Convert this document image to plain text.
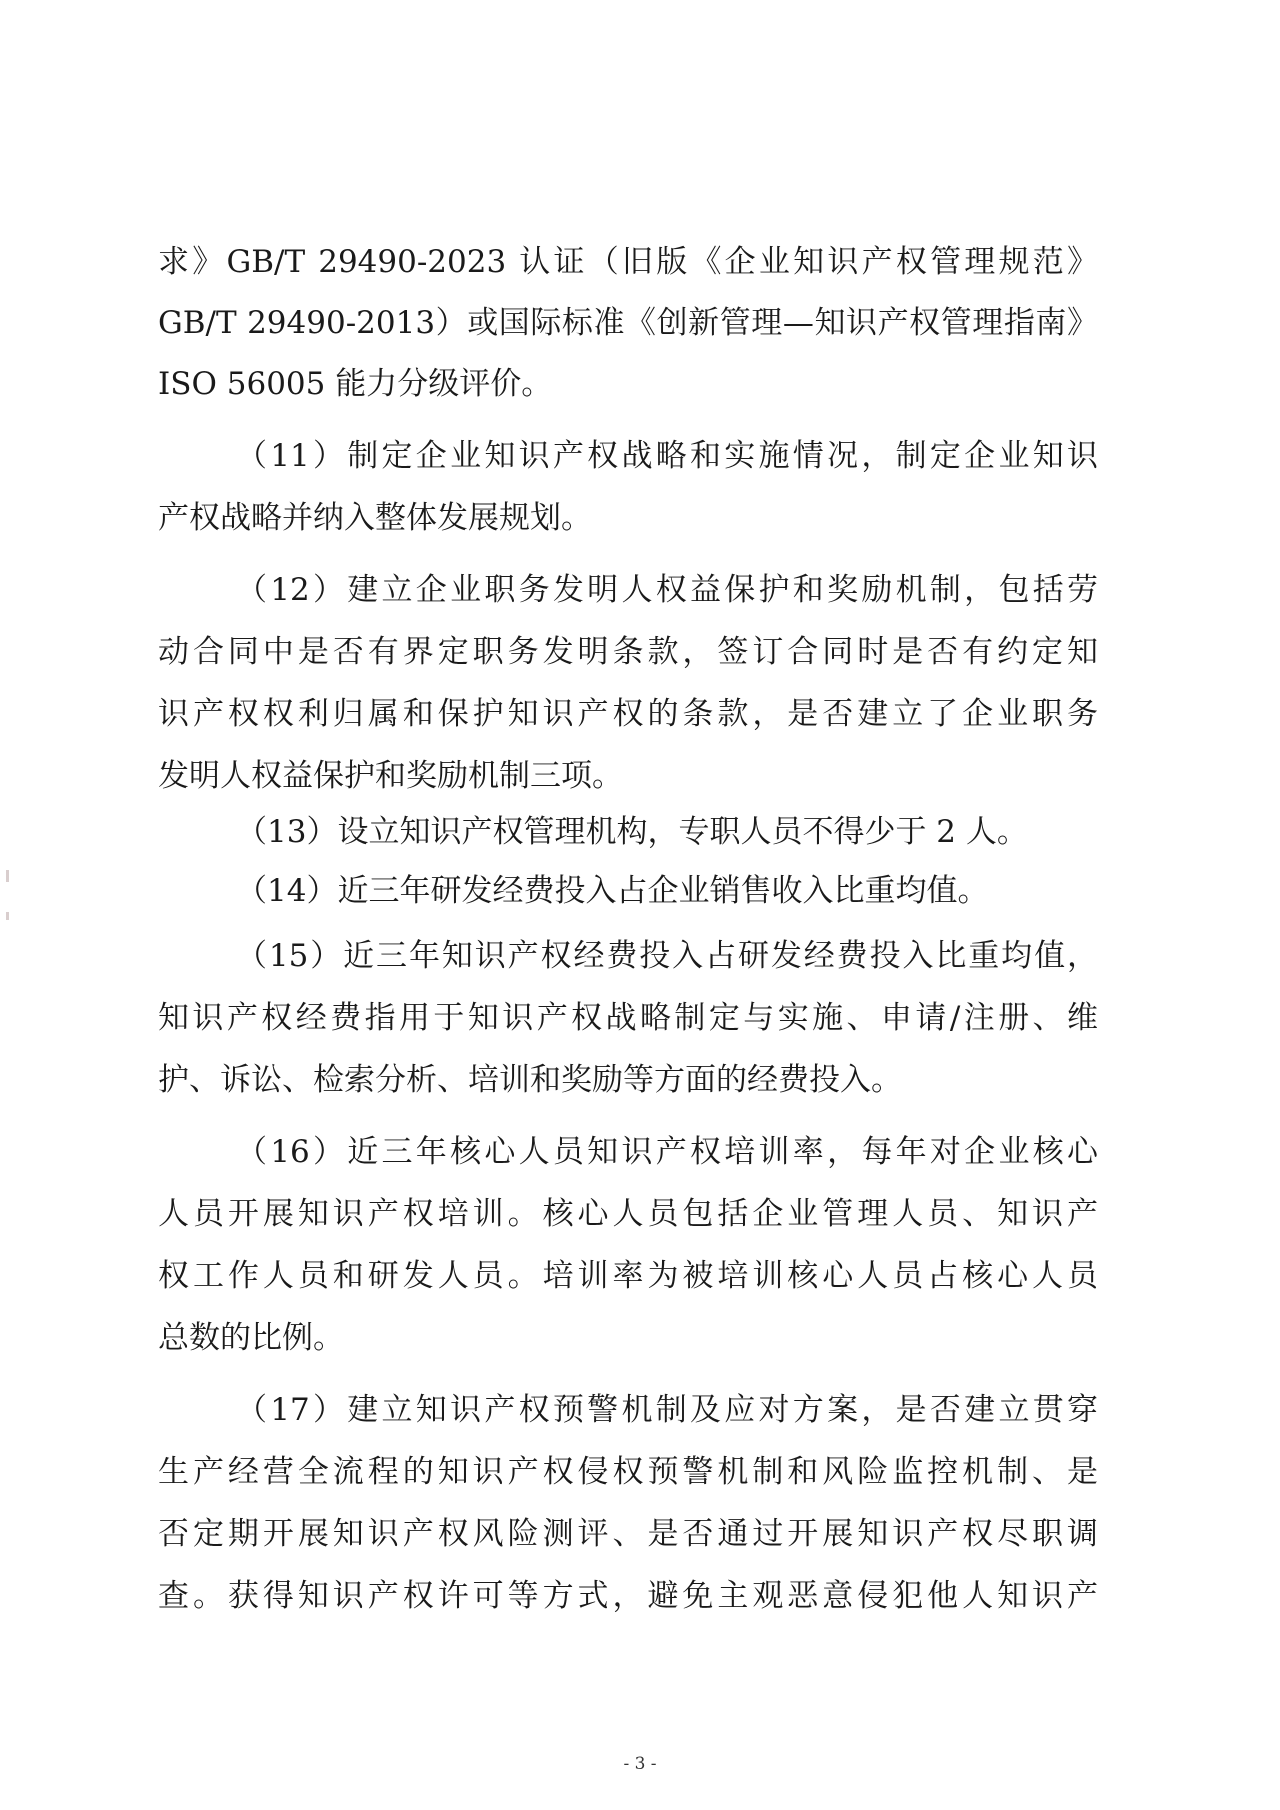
求》GB/T 29490-2023 认证（旧版《企业知识产权管理规范》
GB/T 29490-2013）或国际标准《创新管理—知识产权管理指南》
ISO 56005 能力分级评价。
（11）制定企业知识产权战略和实施情况，制定企业知识
产权战略并纳入整体发展规划。
（12）建立企业职务发明人权益保护和奖励机制，包括劳
动合同中是否有界定职务发明条款，签订合同时是否有约定知
识产权权利归属和保护知识产权的条款，是否建立了企业职务
发明人权益保护和奖励机制三项。
（13）设立知识产权管理机构，专职人员不得少于 2 人。
（14）近三年研发经费投入占企业销售收入比重均值。
（15）近三年知识产权经费投入占研发经费投入比重均值，
知识产权经费指用于知识产权战略制定与实施、申请/注册、维
护、诉讼、检索分析、培训和奖励等方面的经费投入。
（16）近三年核心人员知识产权培训率，每年对企业核心
人员开展知识产权培训。核心人员包括企业管理人员、知识产
权工作人员和研发人员。培训率为被培训核心人员占核心人员
总数的比例。
（17）建立知识产权预警机制及应对方案，是否建立贯穿
生产经营全流程的知识产权侵权预警机制和风险监控机制、是
否定期开展知识产权风险测评、是否通过开展知识产权尽职调
查。获得知识产权许可等方式，避免主观恶意侵犯他人知识产
- 3 -
